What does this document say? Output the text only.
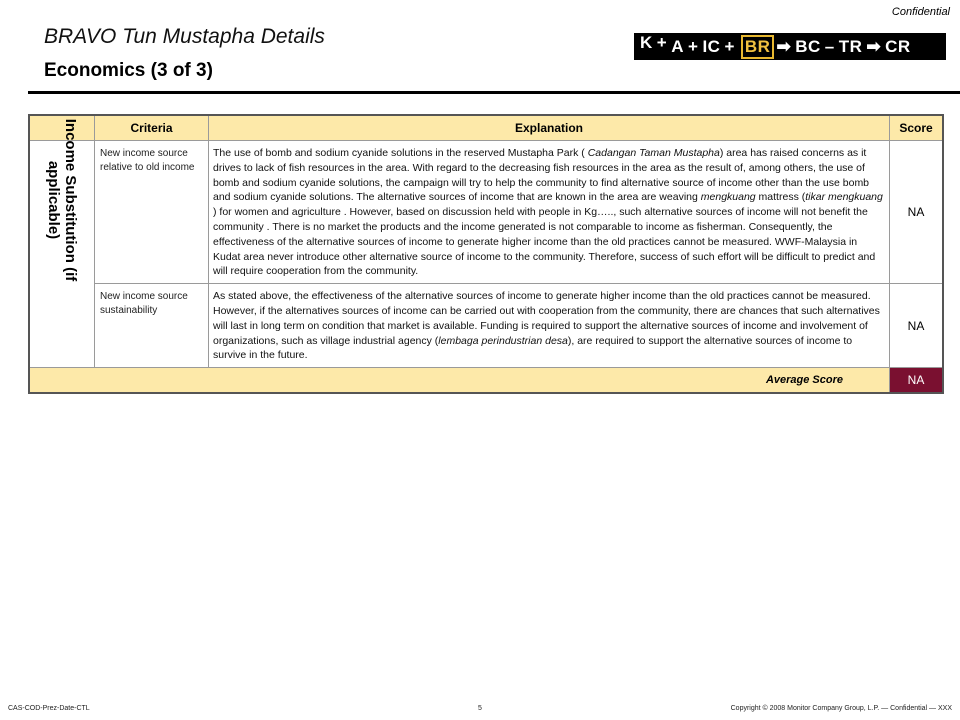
Confidential
BRAVO Tun Mustapha Details
Economics (3 of 3)
K + A + IC + BR ➡ BC – TR ➡ CR
	Criteria	Explanation	Score

Income Substitution (if
applicable)	New income source relative to old income	The use of bomb and sodium cyanide solutions in the reserved Mustapha Park ( Cadangan Taman Mustapha) area has raised concerns as it drives to lack of fish resources in the area. With regard to the decreasing fish resources in the area as the result of, among others, the use of bomb and sodium cyanide solutions, the campaign will try to help the community to find alternative source of income other than the use bomb and sodium cyanide solutions. The alternative sources of income that are known in the area are weaving mengkuang mattress (tikar mengkuang ) for women and agriculture . However, based on discussion held with people in Kg….., such alternative sources of income will not benefit the community . There is no market the products and the income generated is not comparable to income as fisherman. Consequently, the effectiveness of the alternative sources of income to generate higher income than the old practices cannot be measured. WWF-Malaysia in Kudat area never introduce other alternative source of income to the community. Therefore, success of such effort will be difficult to predict and will require cooperation from the community.	NA
	New income source sustainability	As stated above, the effectiveness of the alternative sources of income to generate higher income than the old practices cannot be measured. However, if the alternatives sources of income can be carried out with cooperation from the community, there are chances that such alternatives will last in long term on condition that market is available. Funding is required to support the alternative sources of income and involvement of organizations, such as village industrial agency (lembaga perindustrian desa), are required to support the alternative sources of income to survive in the future.	NA
Average Score			NA
CAS-COD-Prez-Date-CTL	5	Copyright © 2008 Monitor Company Group, L.P. — Confidential — XXX
